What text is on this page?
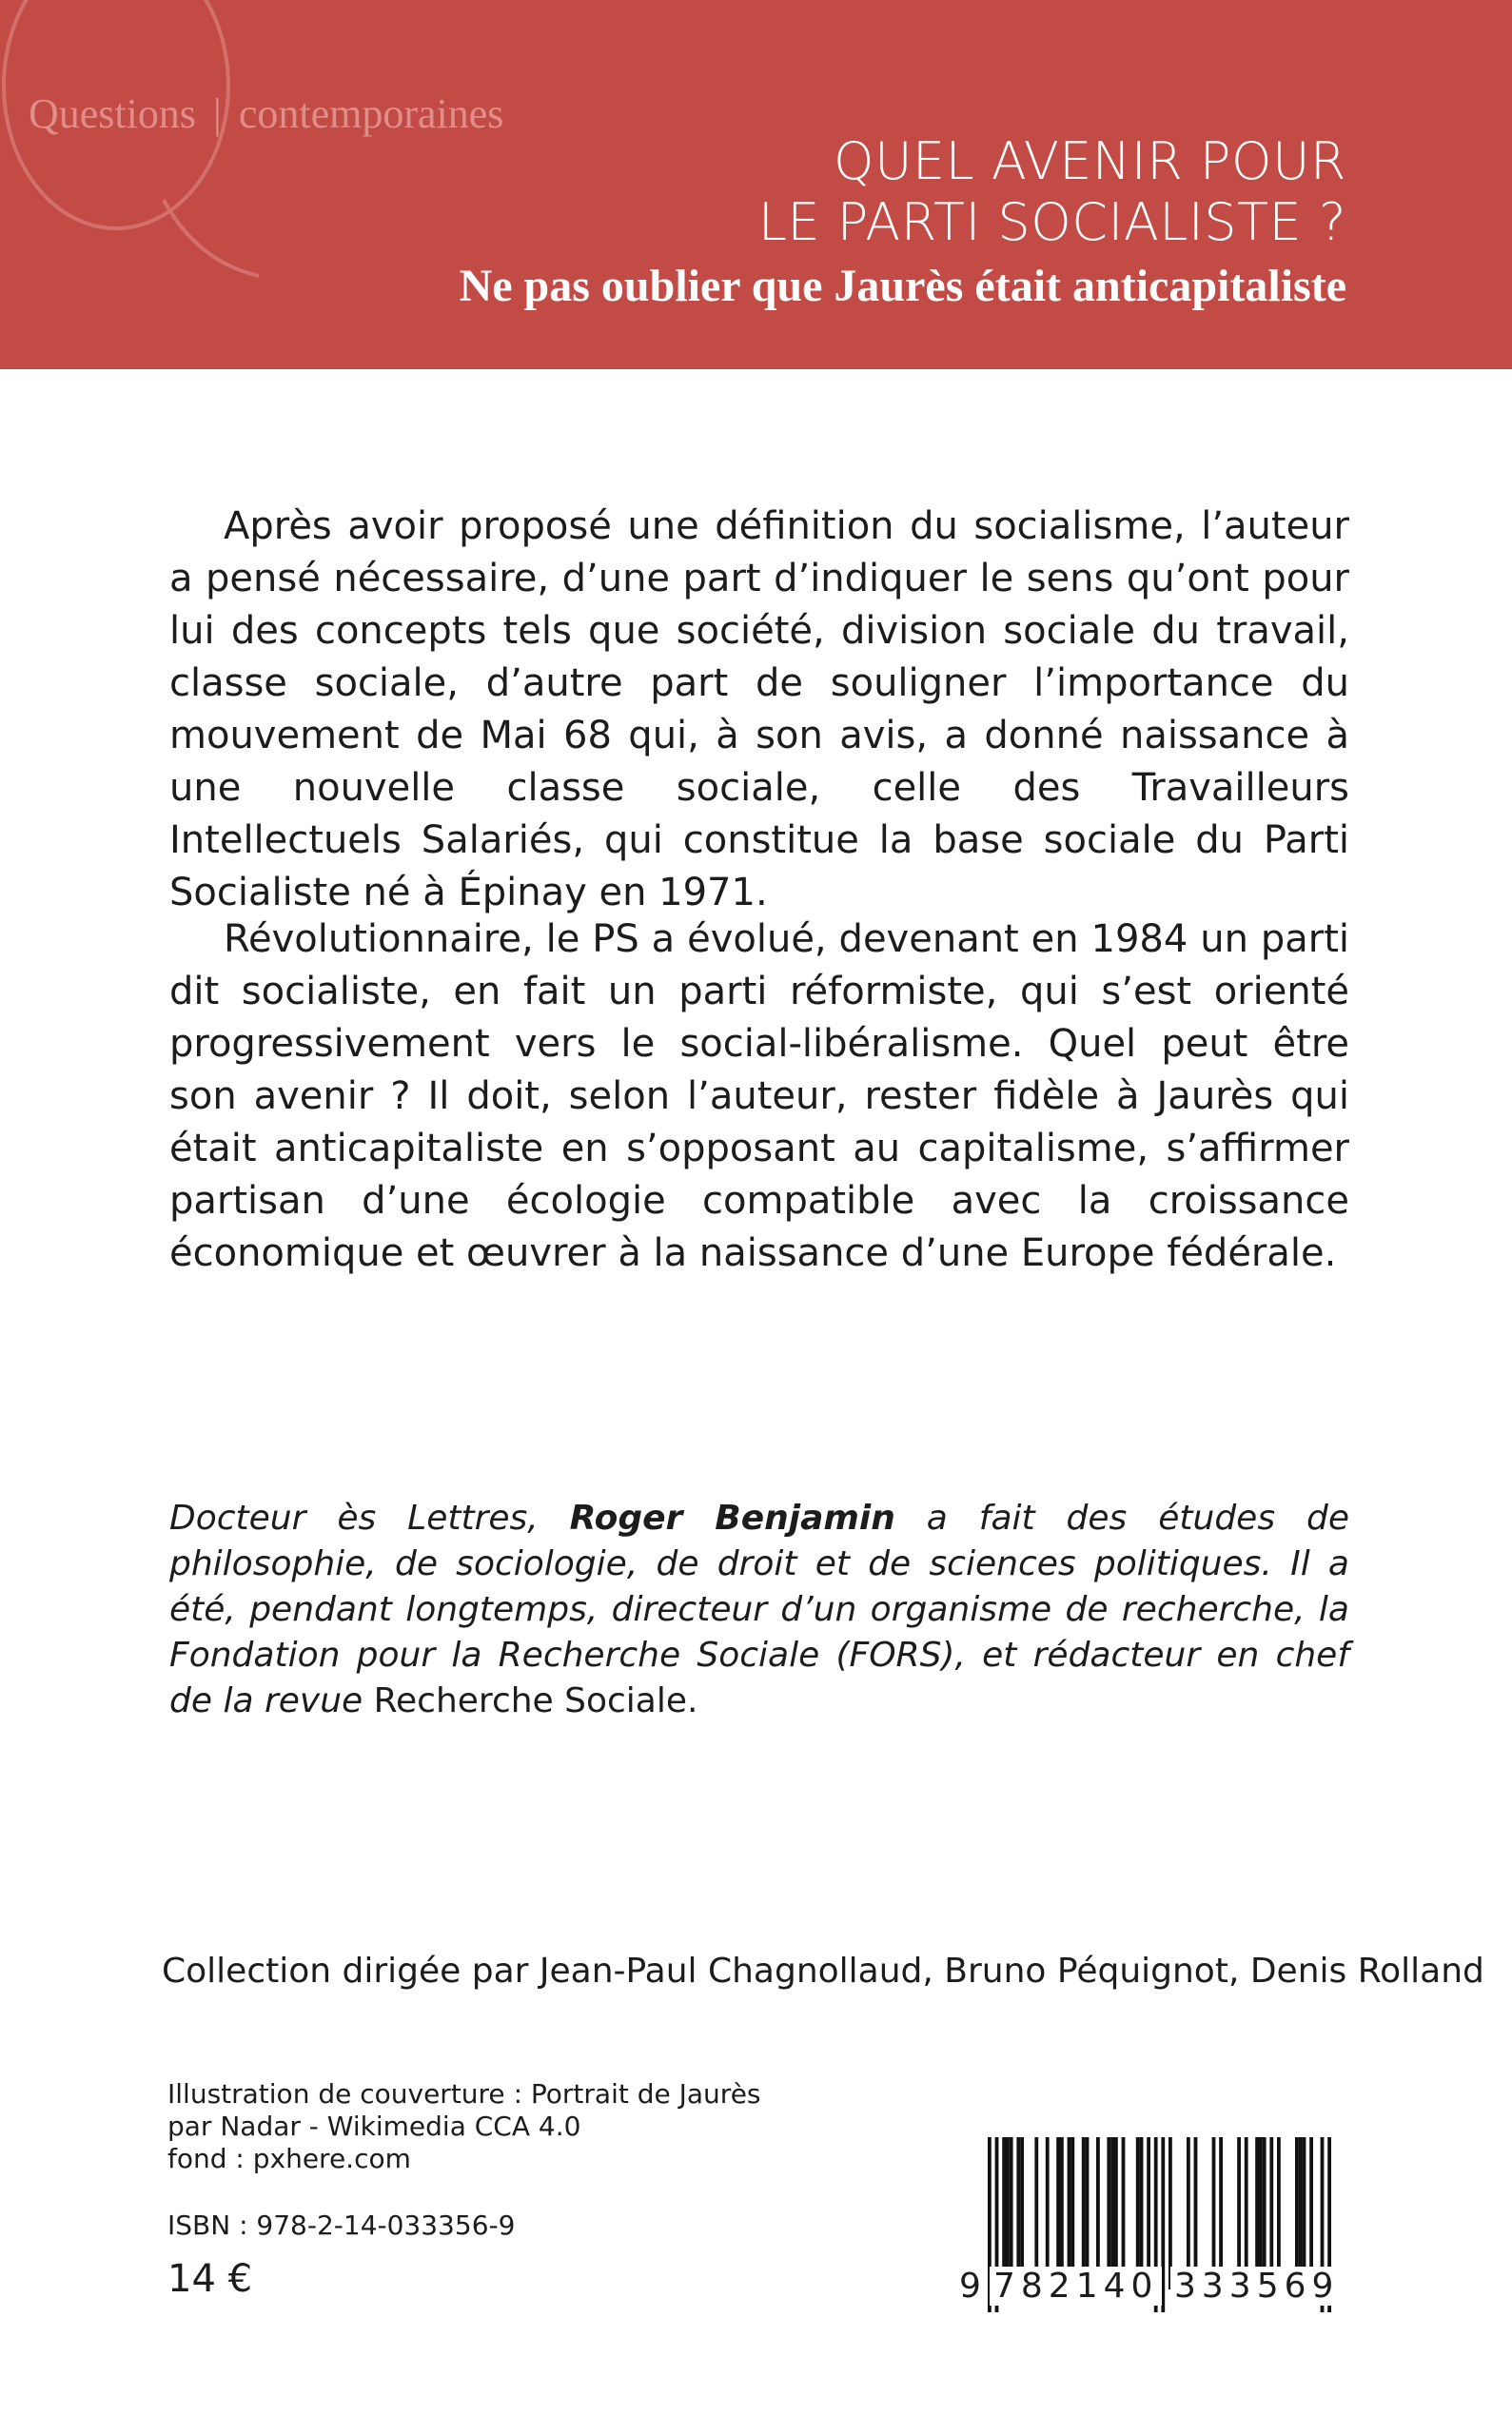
Questions | contemporaines
QUEL AVENIR POUR
LE PARTI SOCIALISTE ?
Ne pas oublier que Jaurès était anticapitaliste

Après avoir proposé une définition du socialisme, l’auteur a pensé nécessaire, d’une part d’indiquer le sens qu’ont pour lui des concepts tels que société, division sociale du travail, classe sociale, d’autre part de souligner l’importance du mouvement de Mai 68 qui, à son avis, a donné naissance à une nouvelle classe sociale, celle des Travailleurs Intellectuels Salariés, qui constitue la base sociale du Parti Socialiste né à Épinay en 1971.

Révolutionnaire, le PS a évolué, devenant en 1984 un parti dit socialiste, en fait un parti réformiste, qui s’est orienté progressivement vers le social-libéralisme. Quel peut être son avenir ? Il doit, selon l’auteur, rester fidèle à Jaurès qui était anticapitaliste en s’opposant au capitalisme, s’affirmer partisan d’une écologie compatible avec la croissance économique et œuvrer à la naissance d’une Europe fédérale.

Docteur ès Lettres, Roger Benjamin a fait des études de philosophie, de sociologie, de droit et de sciences politiques. Il a été, pendant longtemps, directeur d’un organisme de recherche, la Fondation pour la Recherche Sociale (FORS), et rédacteur en chef de la revue Recherche Sociale.

Collection dirigée par Jean-Paul Chagnollaud, Bruno Péquignot, Denis Rolland

Illustration de couverture : Portrait de Jaurès
par Nadar - Wikimedia CCA 4.0
fond : pxhere.com

ISBN : 978-2-14-033356-9

14 €	9 782140 333569
